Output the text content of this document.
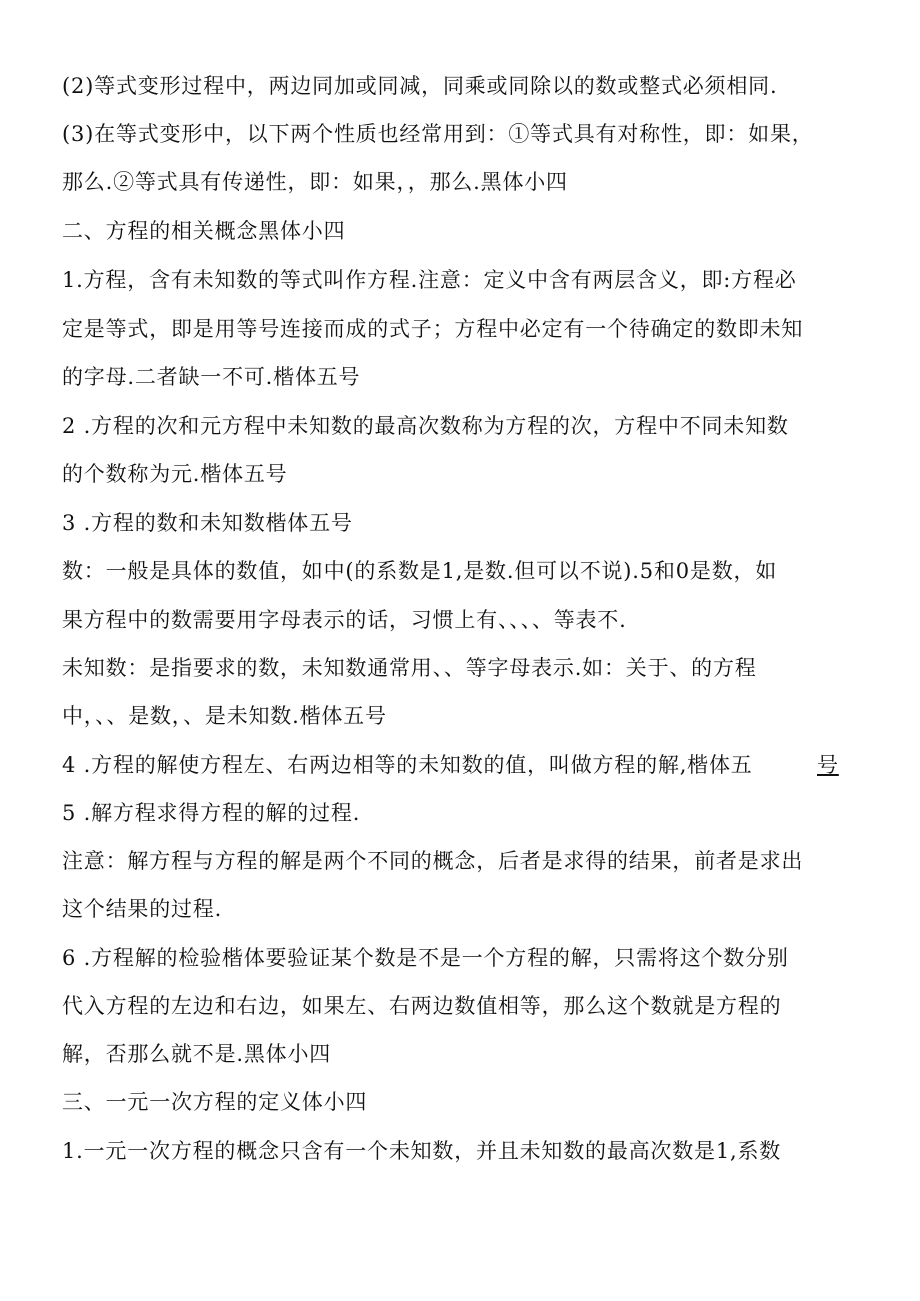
(2)等式变形过程中，两边同加或同减，同乘或同除以的数或整式必须相同.
(3)在等式变形中，以下两个性质也经常用到：①等式具有对称性，即：如果，
那么.②等式具有传递性，即：如果，，那么.黑体小四
二、方程的相关概念黑体小四
1.方程，含有未知数的等式叫作方程.注意：定义中含有两层含义，即:方程必
定是等式，即是用等号连接而成的式子；方程中必定有一个待确定的数即未知
的字母.二者缺一不可.楷体五号
2 .方程的次和元方程中未知数的最高次数称为方程的次，方程中不同未知数
的个数称为元.楷体五号
3 .方程的数和未知数楷体五号
数：一般是具体的数值，如中(的系数是1,是数.但可以不说).5和0是数，如
果方程中的数需要用字母表示的话，习惯上有、、、、等表不.
未知数：是指要求的数，未知数通常用、、等字母表示.如：关于、的方程
中，、、是数，、是未知数.楷体五号
4 .方程的解使方程左、右两边相等的未知数的值，叫做方程的解,楷体五	号
5 .解方程求得方程的解的过程.
注意：解方程与方程的解是两个不同的概念，后者是求得的结果，前者是求出
这个结果的过程.
6 .方程解的检验楷体要验证某个数是不是一个方程的解，只需将这个数分别
代入方程的左边和右边，如果左、右两边数值相等，那么这个数就是方程的
解，否那么就不是.黑体小四
三、一元一次方程的定义体小四
1.一元一次方程的概念只含有一个未知数，并且未知数的最高次数是1,系数
